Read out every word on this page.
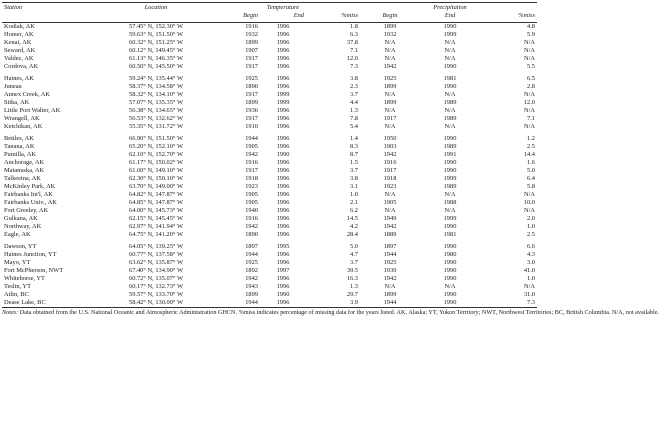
Station	Location		Temperature			Precipitation	
		Begin	End	%miss	Begin	End	%miss
Kodiak, AK	57.45° N, 152.30° W	1916	1996	1.8	1899	1990	4.8
Homer, AK	59.63° N, 151.50° W	1932	1996	6.3	1932	1999	5.9
Kenai, AK	60.32° N, 151.25° W	1899	1996	37.8	N/A	N/A	N/A
Seward, AK	60.12° N, 149.45° W	1907	1996	7.1	N/A	N/A	N/A
Valdez, AK	61.13° N, 146.35° W	1917	1996	12.0	N/A	N/A	N/A
Cordova, AK	60.50° N, 145.50° W	1917	1996	7.3	1942	1990	5.5

Haines, AK	59.24° N, 135.44° W	1925	1996	3.8	1925	1981	6.5
Juneau	58.37° N, 134.58° W	1890	1996	2.3	1899	1990	2.8
Annex Creek, AK	58.32° N, 134.10° W	1917	1999	3.7	N/A	N/A	N/A
Sitka, AK	57.07° N, 135.35° W	1899	1999	4.4	1899	1989	12.0
Little Port Walter, AK	56.38° N, 134.65° W	1936	1996	1.3	N/A	N/A	N/A
Wrangell, AK	56.53° N, 132.62° W	1917	1996	7.8	1917	1989	7.1
Ketchikan, AK	55.35° N, 131.72° W	1910	1996	5.4	N/A	N/A	N/A

Bettles, AK	66.90° N, 151.50° W	1944	1996	1.4	1950	1990	1.2
Tanana, AK	65.20° N, 152.10° W	1905	1996	8.3	1903	1989	2.5
Pumilla, AK	62.10° N, 152.70° W	1942	1990	8.7	1942	1991	14.4
Anchorage, AK	61.17° N, 150.02° W	1916	1996	1.5	1916	1990	1.6
Matanuska, AK	61.60° N, 149.10° W	1917	1996	3.7	1917	1990	5.0
Talkeetna, AK	62.30° N, 150.10° W	1918	1996	3.8	1918	1999	6.4
McKinley Park, AK	63.70° N, 149.00° W	1923	1996	3.1	1923	1989	5.8
Fairbanks Int'l, AK	64.82° N, 147.87° W	1905	1996	1.0	N/A	N/A	N/A
Fairbanks Univ., AK	64.85° N, 147.87° W	1905	1996	2.1	1905	1988	10.0
Fort Greeley, AK	64.00° N, 145.73° W	1940	1996	6.2	N/A	N/A	N/A
Gulkana, AK	62.15° N, 145.45° W	1916	1996	14.5	1949	1999	2.0
Northway, AK	62.97° N, 141.94° W	1942	1996	4.2	1942	1990	1.0
Eagle, AK	64.75° N, 141.20° W	1890	1996	28.4	1889	1981	2.5

Dawson, YT	64.05° N, 139.25° W	1897	1995	5.0	1897	1990	6.6
Haines Junction, YT	60.77° N, 137.58° W	1944	1996	4.7	1944	1980	4.3
Mayo, YT	63.62° N, 135.87° W	1925	1996	3.7	1925	1990	3.0
Fort McPherson, NWT	67.40° N, 134.90° W	1892	1997	39.5	1930	1990	41.0
Whitehorse, YT	60.72° N, 135.07° W	1942	1996	16.3	1942	1990	1.0
Teslin, YT	60.17° N, 132.73° W	1943	1996	1.3	N/A	N/A	N/A
Atlin, BC	59.57° N, 133.70° W	1899	1990	29.7	1899	1990	31.0
Dease Lake, BC	58.42° N, 130.00° W	1944	1996	3.9	1944	1990	7.3
Notes: Data obtained from the U.S. National Oceanic and Atmospheric Administration GHCN. %miss indicates percentage of missing data for the years listed. AK, Alaska; YT, Yukon Territory; NWT, Northwest Territories; BC, British Columbia. N/A, not available.
